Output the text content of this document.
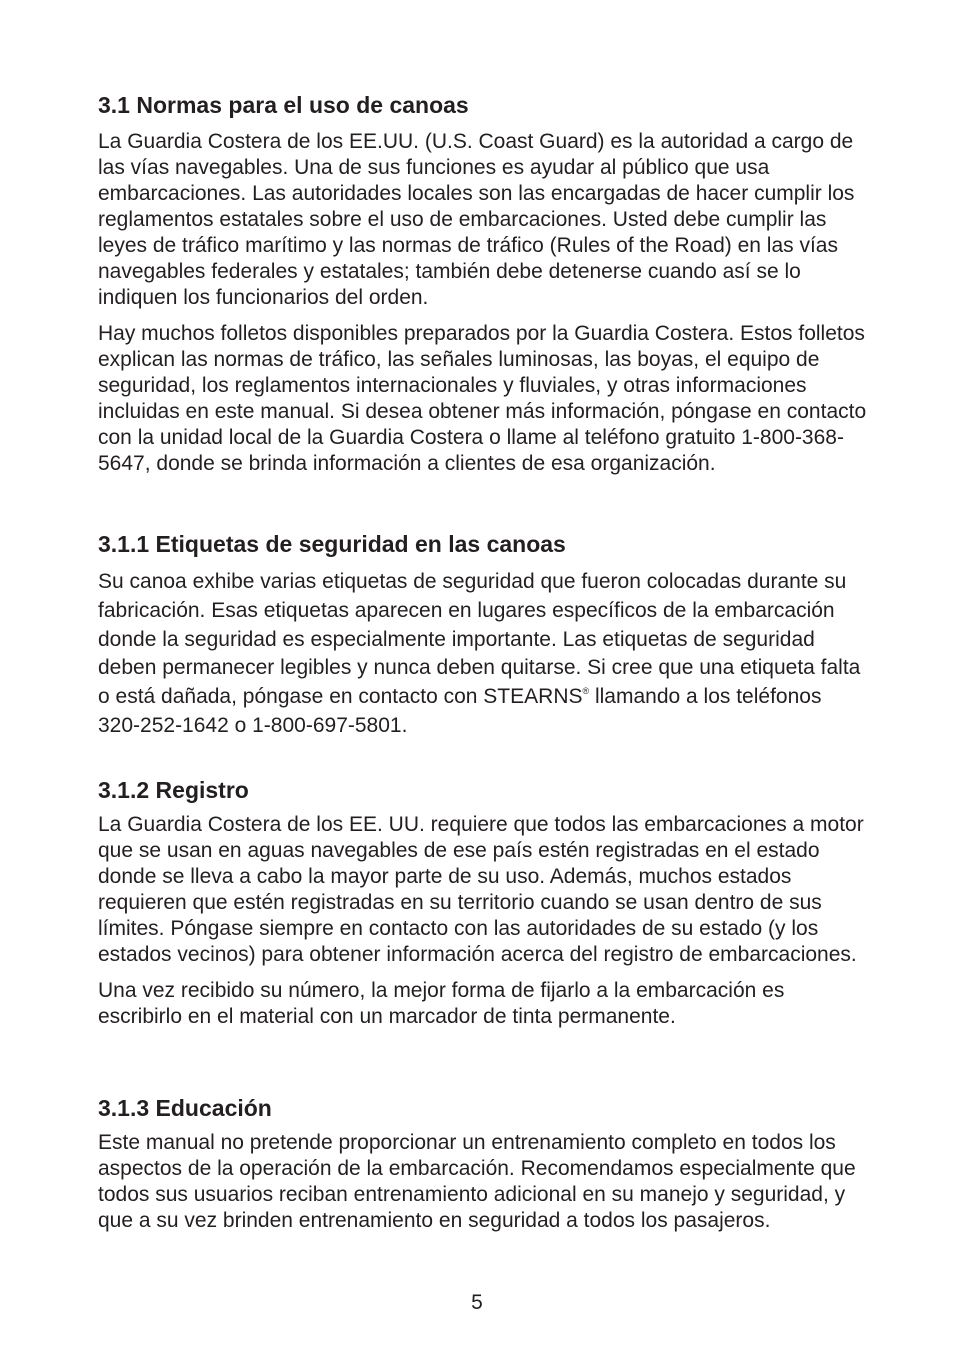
3.1 Normas para el uso de canoas

La Guardia Costera de los EE.UU. (U.S. Coast Guard) es la autoridad a cargo de las vías navegables. Una de sus funciones es ayudar al público que usa embarcaciones. Las autoridades locales son las encargadas de hacer cumplir los reglamentos estatales sobre el uso de embarcaciones. Usted debe cumplir las leyes de tráfico marítimo y las normas de tráfico (Rules of the Road) en las vías navegables federales y estatales; también debe detenerse cuando así se lo indiquen los funcionarios del orden.

Hay muchos folletos disponibles preparados por la Guardia Costera. Estos folletos explican las normas de tráfico, las señales luminosas, las boyas, el equipo de seguridad, los reglamentos internacionales y fluviales, y otras informaciones incluidas en este manual. Si desea obtener más información, póngase en contacto con la unidad local de la Guardia Costera o llame al teléfono gratuito 1-800-368-5647, donde se brinda información a clientes de esa organización.

3.1.1 Etiquetas de seguridad en las canoas

Su canoa exhibe varias etiquetas de seguridad que fueron colocadas durante su fabricación. Esas etiquetas aparecen en lugares específicos de la embarcación donde la seguridad es especialmente importante. Las etiquetas de seguridad deben permanecer legibles y nunca deben quitarse. Si cree que una etiqueta falta o está dañada, póngase en contacto con STEARNS® llamando a los teléfonos 320-252-1642 o 1-800-697-5801.

3.1.2 Registro

La Guardia Costera de los EE. UU. requiere que todos las embarcaciones a motor que se usan en aguas navegables de ese país estén registradas en el estado donde se lleva a cabo la mayor parte de su uso. Además, muchos estados requieren que estén registradas en su territorio cuando se usan dentro de sus límites. Póngase siempre en contacto con las autoridades de su estado (y los estados vecinos) para obtener información acerca del registro de embarcaciones.

Una vez recibido su número, la mejor forma de fijarlo a la embarcación es escribirlo en el material con un marcador de tinta permanente.

3.1.3 Educación

Este manual no pretende proporcionar un entrenamiento completo en todos los aspectos de la operación de la embarcación. Recomendamos especialmente que todos sus usuarios reciban entrenamiento adicional en su manejo y seguridad, y que a su vez brinden entrenamiento en seguridad a todos los pasajeros.

5
